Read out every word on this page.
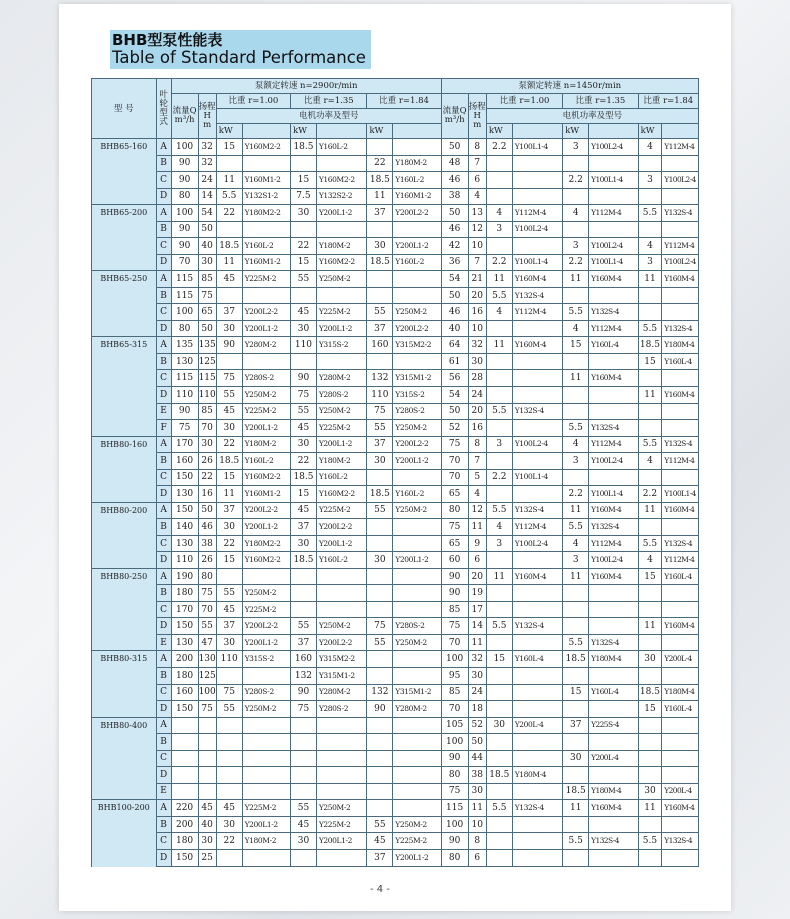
BHB型泵性能表
Table of Standard Performance
型 号	叶轮型式	泵额定转速 n=2900r/min								泵额定转速 n=1450r/min							
		流量Q m³/h	扬程H m	比重 r=1.00		比重 r=1.35		比重 r=1.84		流量Q m³/h	扬程H m	比重 r=1.00		比重 r=1.35		比重 r=1.84	
				电机功率及型号								电机功率及型号					
				kW		kW		kW				kW		kW		kW	
BHB65-160	A	100	32	15	Y160M2-2	18.5	Y160L-2			50	8	2.2	Y100L1-4	3	Y100L2-4	4	Y112M-4
	B	90	32					22	Y180M-2	48	7						
	C	90	24	11	Y160M1-2	15	Y160M2-2	18.5	Y160L-2	46	6			2.2	Y100L1-4	3	Y100L2-4
	D	80	14	5.5	Y132S1-2	7.5	Y132S2-2	11	Y160M1-2	38	4						
BHB65-200	A	100	54	22	Y180M2-2	30	Y200L1-2	37	Y200L2-2	50	13	4	Y112M-4	4	Y112M-4	5.5	Y132S-4
	B	90	50							46	12	3	Y100L2-4				
	C	90	40	18.5	Y160L-2	22	Y180M-2	30	Y200L1-2	42	10			3	Y100L2-4	4	Y112M-4
	D	70	30	11	Y160M1-2	15	Y160M2-2	18.5	Y160L-2	36	7	2.2	Y100L1-4	2.2	Y100L1-4	3	Y100L2-4
BHB65-250	A	115	85	45	Y225M-2	55	Y250M-2			54	21	11	Y160M-4	11	Y160M-4	11	Y160M-4
	B	115	75							50	20	5.5	Y132S-4				
	C	100	65	37	Y200L2-2	45	Y225M-2	55	Y250M-2	46	16	4	Y112M-4	5.5	Y132S-4		
	D	80	50	30	Y200L1-2	30	Y200L1-2	37	Y200L2-2	40	10			4	Y112M-4	5.5	Y132S-4
BHB65-315	A	135	135	90	Y280M-2	110	Y315S-2	160	Y315M2-2	64	32	11	Y160M-4	15	Y160L-4	18.5	Y180M-4
	B	130	125							61	30					15	Y160L-4
	C	115	115	75	Y280S-2	90	Y280M-2	132	Y315M1-2	56	28			11	Y160M-4		
	D	110	110	55	Y250M-2	75	Y280S-2	110	Y315S-2	54	24					11	Y160M-4
	E	90	85	45	Y225M-2	55	Y250M-2	75	Y280S-2	50	20	5.5	Y132S-4				
	F	75	70	30	Y200L1-2	45	Y225M-2	55	Y250M-2	52	16			5.5	Y132S-4		
BHB80-160	A	170	30	22	Y180M-2	30	Y200L1-2	37	Y200L2-2	75	8	3	Y100L2-4	4	Y112M-4	5.5	Y132S-4
	B	160	26	18.5	Y160L-2	22	Y180M-2	30	Y200L1-2	70	7			3	Y100L2-4	4	Y112M-4
	C	150	22	15	Y160M2-2	18.5	Y160L-2			70	5	2.2	Y100L1-4				
	D	130	16	11	Y160M1-2	15	Y160M2-2	18.5	Y160L-2	65	4			2.2	Y100L1-4	2.2	Y100L1-4
BHB80-200	A	150	50	37	Y200L2-2	45	Y225M-2	55	Y250M-2	80	12	5.5	Y132S-4	11	Y160M-4	11	Y160M-4
	B	140	46	30	Y200L1-2	37	Y200L2-2			75	11	4	Y112M-4	5.5	Y132S-4		
	C	130	38	22	Y180M2-2	30	Y200L1-2			65	9	3	Y100L2-4	4	Y112M-4	5.5	Y132S-4
	D	110	26	15	Y160M2-2	18.5	Y160L-2	30	Y200L1-2	60	6			3	Y100L2-4	4	Y112M-4
BHB80-250	A	190	80							90	20	11	Y160M-4	11	Y160M-4	15	Y160L-4
	B	180	75	55	Y250M-2					90	19						
	C	170	70	45	Y225M-2					85	17						
	D	150	55	37	Y200L2-2	55	Y250M-2	75	Y280S-2	75	14	5.5	Y132S-4			11	Y160M-4
	E	130	47	30	Y200L1-2	37	Y200L2-2	55	Y250M-2	70	11			5.5	Y132S-4		
BHB80-315	A	200	130	110	Y315S-2	160	Y315M2-2			100	32	15	Y160L-4	18.5	Y180M-4	30	Y200L-4
	B	180	125			132	Y315M1-2			95	30						
	C	160	100	75	Y280S-2	90	Y280M-2	132	Y315M1-2	85	24			15	Y160L-4	18.5	Y180M-4
	D	150	75	55	Y250M-2	75	Y280S-2	90	Y280M-2	70	18					15	Y160L-4
BHB80-400	A									105	52	30	Y200L-4	37	Y225S-4		
	B									100	50						
	C									90	44			30	Y200L-4		
	D									80	38	18.5	Y180M-4				
	E									75	30			18.5	Y180M-4	30	Y200L-4
BHB100-200	A	220	45	45	Y225M-2	55	Y250M-2			115	11	5.5	Y132S-4	11	Y160M-4	11	Y160M-4
	B	200	40	30	Y200L1-2	45	Y225M-2	55	Y250M-2	100	10						
	C	180	30	22	Y180M-2	30	Y200L1-2	45	Y225M-2	90	8			5.5	Y132S-4	5.5	Y132S-4
	D	150	25					37	Y200L1-2	80	6						
- 4 -
